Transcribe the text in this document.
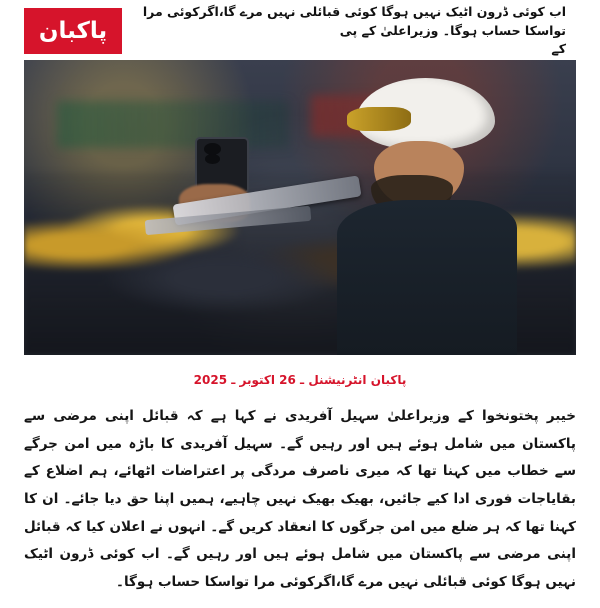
پاکبان
اب کوئی ڈرون اٹیک نہیں ہوگا کوئی قبائلی نہیں مرے گا،اگرکوئی مرا تواسکا حساب ہوگا۔ وزیراعلیٰ کے پی
کے
پاکبان انٹرنیشنل ـ 26 اکتوبر ـ 2025

خیبر پختونخوا کے وزیراعلیٰ سہیل آفریدی نے کہا ہے کہ قبائل اپنی مرضی سے پاکستان میں شامل ہوئے ہیں اور رہیں گے۔ سہیل آفریدی کا باڑہ میں امن جرگے سے خطاب میں کہنا تھا کہ میری ناصرف مردگی پر اعتراضات اٹھائے، ہم اضلاع کے بقایاجات فوری ادا کیے جائیں، بھیک بھیک نہیں چاہیے، ہمیں اپنا حق دیا جائے۔ ان کا کہنا تھا کہ ہر ضلع میں امن جرگوں کا انعقاد کریں گے۔ انہوں نے اعلان کیا کہ قبائل اپنی مرضی سے پاکستان میں شامل ہوئے ہیں اور رہیں گے۔ اب کوئی ڈرون اٹیک نہیں ہوگا کوئی قبائلی نہیں مرے گا،اگرکوئی مرا تواسکا حساب ہوگا۔
